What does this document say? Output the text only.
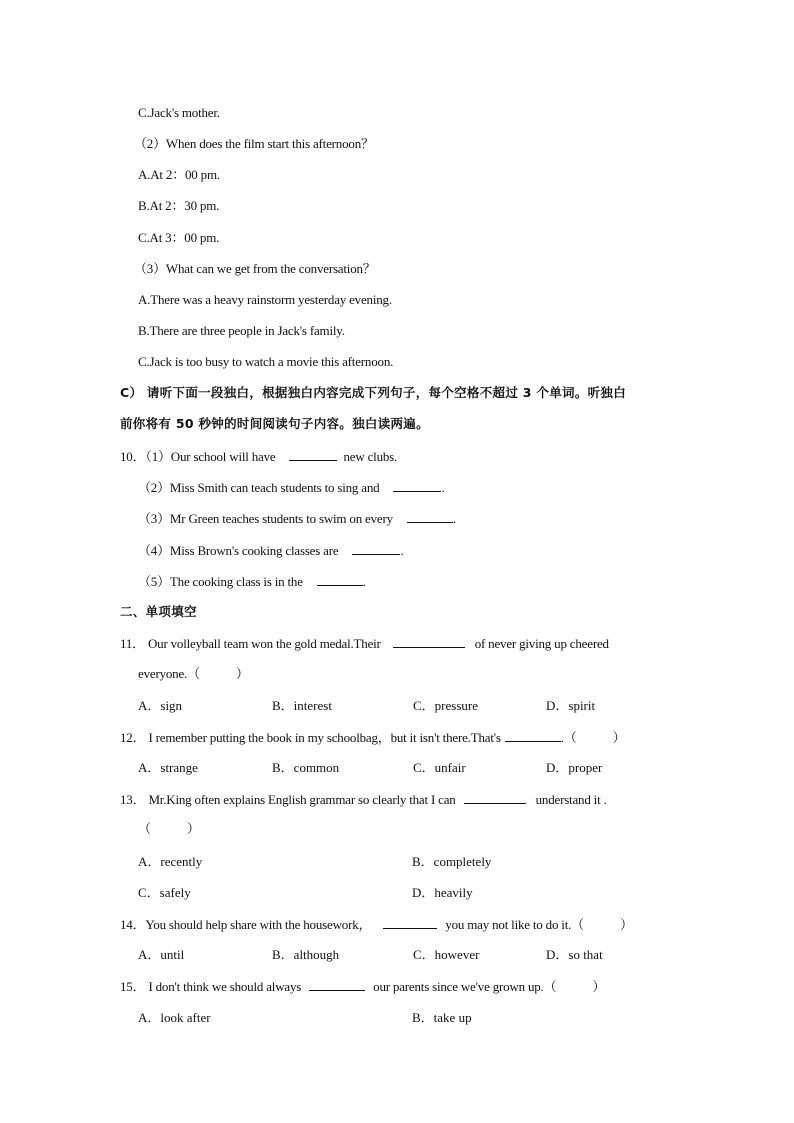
C.Jack's mother.
（2）When does the film start this afternoon？
A.At 2：00 pm.
B.At 2：30 pm.
C.At 3：00 pm.
（3）What can we get from the conversation？
A.There was a heavy rainstorm yesterday evening.
B.There are three people in Jack's family.
C.Jack is too busy to watch a movie this afternoon.
C） 请听下面一段独白，根据独白内容完成下列句子，每个空格不超过 3 个单词。听独白
前你将有 50 秒钟的时间阅读句子内容。独白读两遍。
10．（1）Our school will have	new clubs.
（2）Miss Smith can teach students to sing and	.
（3）Mr Green teaches students to swim on every	.
（4）Miss Brown's cooking classes are	.
（5）The cooking class is in the	.
二、单项填空
11． Our volleyball team won the gold medal.Their	of never giving up cheered
everyone.（	）
A．sign	B．interest	C．pressure	D．spirit
12． I remember putting the book in my schoolbag，but it isn't there.That's	.（	）
A．strange	B．common	C．unfair	D．proper
13． Mr.King often explains English grammar so clearly that I can	understand it .
（	）
A．recently	B．completely
C．safely	D．heavily
14．You should help share with the housework，	you may not like to do it.（	）
A．until	B．although	C．however	D．so that
15． I don't think we should always	our parents since we've grown up.（	）
A．look after	B．take up
